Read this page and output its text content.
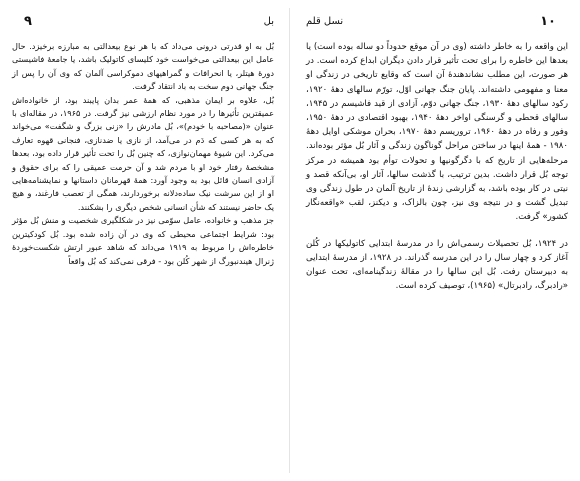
۹	بل

بُل به او قدرتی درونی می‌داد که با هر نوع بیعدالتی به مبارزه برخیزد. حال عامل این بیعدالتی می‌خواست خود کلیسای کاتولیک باشد، یا جامعهٔ فاشیستی دورهٔ هیتلر، یا انحرافات و گمراهیهای دموکراسی آلمان که وی آن را پس از جنگ جهانی دوم سخت به باد انتقاد گرفت.

بُل، علاوه بر ایمان مذهبی، که همهٔ عمر بدان پایبند بود، از خانواده‌اش عمیقترین تأثیرها را در مورد نظام ارزشی نیز گرفت. در ۱۹۶۵، در مقاله‌ای با عنوان «(مصاحبه با خودم)»، بُل مادرش را «زنی بزرگ و شگفت» می‌خواند که به هر کسی که دَم در می‌آمد، از نازی یا ضدنازی، فنجانی قهوه تعارف می‌کرد. این شیوهٔ مهمان‌نوازی، که چنین بُل را تحت تأثیر قرار داده بود، بعدها مشخصهٔ رفتار خود او با مردم شد و آن حرمت عمیقی را که برای حقوق و آزادی انسان قائل بود به وجود آورد: همهٔ قهرمانان داستانها و نمایشنامه‌هایی او از این سرشت نیک ساده‌دلانه برخوردارند، همگی از تعصب فارغند، و هیچ یک حاضر نیستند که شأن انسانی شخص دیگری را بشکنند.

جز مذهب و خانواده، عامل سوّمی نیز در شکلگیری شخصیت و منش بُل مؤثر بود: شرایط اجتماعی محیطی که وی در آن زاده شده بود. بُل کودکیترین خاطره‌اش را مربوط به ۱۹۱۹ می‌داند که شاهد عبور ارتش شکست‌خوردهٔ ژنرال هیندنبورگ از شهر کُلن بود - فرقی نمی‌کند که بُل واقعاً

نسل قلم	۱۰

این واقعه را به خاطر داشته (وی در آن موقع حدوداً دو ساله بوده است) یا بعدها این خاطره را برای تحت تأثیر قرار دادن دیگران ابداع کرده است. در هر صورت، این مطلب نشاندهندهٔ آن است که وقایع تاریخی در زندگی او معنا و مفهومی داشته‌اند. پایان جنگ جهانی اوّل، تورّم سالهای دههٔ ۱۹۲۰، رکود سالهای دههٔ ۱۹۳۰، جنگ جهانی دوّم، آزادی از قید فاشیسم در ۱۹۴۵، سالهای قحطی و گرسنگی اواخر دههٔ ۱۹۴۰، بهبود اقتصادی در دههٔ ۱۹۵۰، وفور و رفاه در دههٔ ۱۹۶۰، تروریسم دههٔ ۱۹۷۰، بحران موشکی اوایل دههٔ ۱۹۸۰ - همهٔ اینها در ساختن مراحل گوناگون زندگی و آثار بُل مؤثر بوده‌اند. مرحله‌هایی از تاریخ که با دگرگونیها و تحولات توأم بود همیشه در مرکز توجه بُل قرار داشت. بدین ترتیب، با گذشت سالها، آثار او، بی‌آنکه قصد و نیتی در کار بوده باشد، به گزارشی زندهٔ از تاریخ آلمان در طول زندگی وی تبدیل گشت و در نتیجه وی نیز، چون بالزاک، و دیکنز، لقب «واقعه‌نگار کشور» گرفت.

در ۱۹۲۴، بُل تحصیلات رسمی‌اش را در مدرسهٔ ابتدایی کاتولیکها در کُلن آغاز کرد و چهار سال را در این مدرسه گذراند. در ۱۹۲۸، از مدرسهٔ ابتدایی به دبیرستان رفت. بُل این سالها را در مقالهٔ زندگینامه‌ای، تحت عنوان «رادبرگ، رادبرتال» (۱۹۶۵)، توصیف کرده است.
